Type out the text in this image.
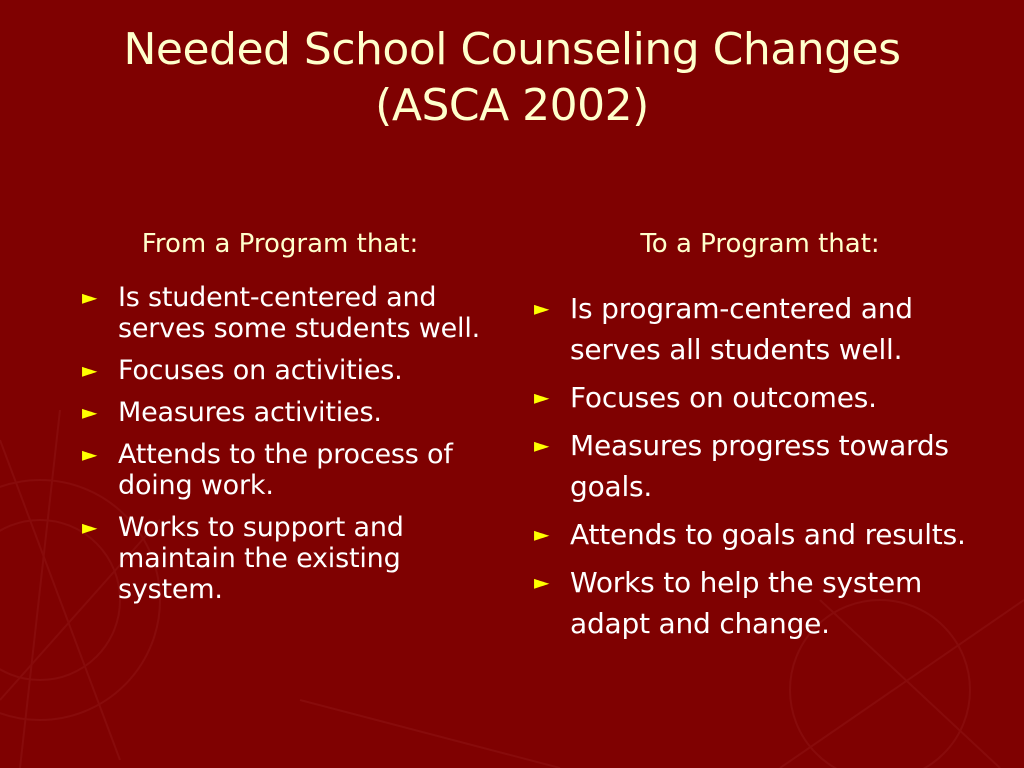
Needed School Counseling Changes
(ASCA 2002)
From a Program that:	To a Program that:
► Is student-centered and serves some students well.
► Focuses on activities.
► Measures activities.
► Attends to the process of doing work.
► Works to support and maintain the existing system.
► Is program-centered and serves all students well.
► Focuses on outcomes.
► Measures progress towards goals.
► Attends to goals and results.
► Works to help the system adapt and change.
